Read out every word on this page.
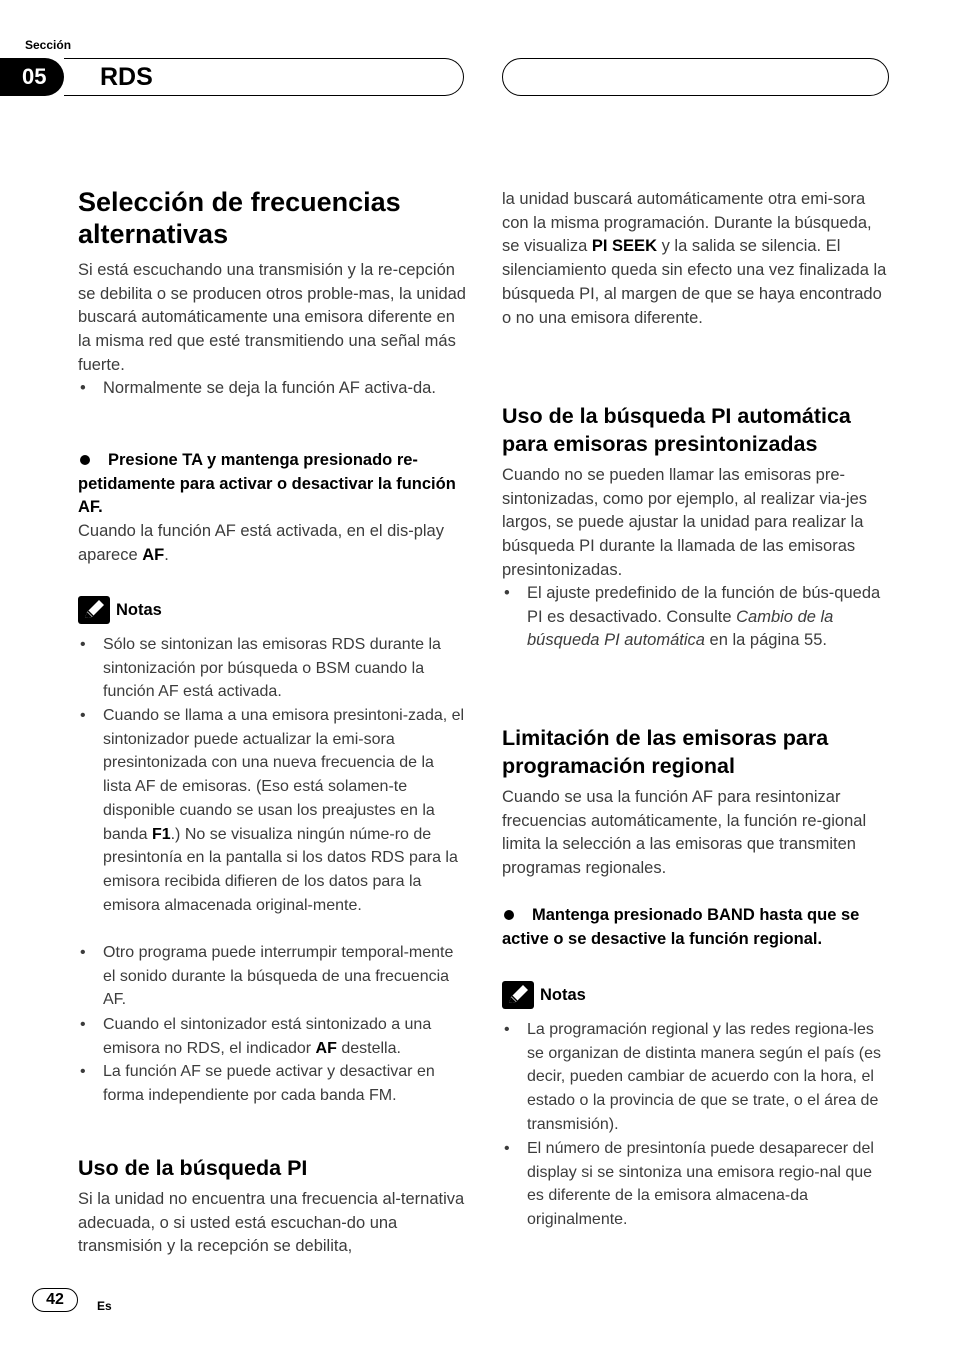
Sección
05	RDS
Selección de frecuencias alternativas
Si está escuchando una transmisión y la re-cepción se debilita o se producen otros proble-mas, la unidad buscará automáticamente una emisora diferente en la misma red que esté transmitiendo una señal más fuerte.
• Normalmente se deja la función AF activa-da.
Presione TA y mantenga presionado re-petidamente para activar o desactivar la función AF.
Cuando la función AF está activada, en el dis-play aparece AF.
Notas
• Sólo se sintonizan las emisoras RDS durante la sintonización por búsqueda o BSM cuando la función AF está activada.
• Cuando se llama a una emisora presintoni-zada, el sintonizador puede actualizar la emi-sora presintonizada con una nueva frecuencia de la lista AF de emisoras. (Eso está solamen-te disponible cuando se usan los preajustes en la banda F1.) No se visualiza ningún núme-ro de presintonía en la pantalla si los datos RDS para la emisora recibida difieren de los datos para la emisora almacenada original-mente.
• Otro programa puede interrumpir temporal-mente el sonido durante la búsqueda de una frecuencia AF.
• Cuando el sintonizador está sintonizado a una emisora no RDS, el indicador AF destella.
• La función AF se puede activar y desactivar en forma independiente por cada banda FM.
Uso de la búsqueda PI
Si la unidad no encuentra una frecuencia al-ternativa adecuada, o si usted está escuchan-do una transmisión y la recepción se debilita,
la unidad buscará automáticamente otra emi-sora con la misma programación. Durante la búsqueda, se visualiza PI SEEK y la salida se silencia. El silenciamiento queda sin efecto una vez finalizada la búsqueda PI, al margen de que se haya encontrado o no una emisora diferente.
Uso de la búsqueda PI automática para emisoras presintonizadas
Cuando no se pueden llamar las emisoras pre-sintonizadas, como por ejemplo, al realizar via-jes largos, se puede ajustar la unidad para realizar la búsqueda PI durante la llamada de las emisoras presintonizadas.
• El ajuste predefinido de la función de bús-queda PI es desactivado. Consulte Cambio de la búsqueda PI automática en la página 55.
Limitación de las emisoras para programación regional
Cuando se usa la función AF para resintonizar frecuencias automáticamente, la función re-gional limita la selección a las emisoras que transmiten programas regionales.
Mantenga presionado BAND hasta que se active o se desactive la función regional.
Notas
• La programación regional y las redes regiona-les se organizan de distinta manera según el país (es decir, pueden cambiar de acuerdo con la hora, el estado o la provincia de que se trate, o el área de transmisión).
• El número de presintonía puede desaparecer del display si se sintoniza una emisora regio-nal que es diferente de la emisora almacena-da originalmente.
42	Es
